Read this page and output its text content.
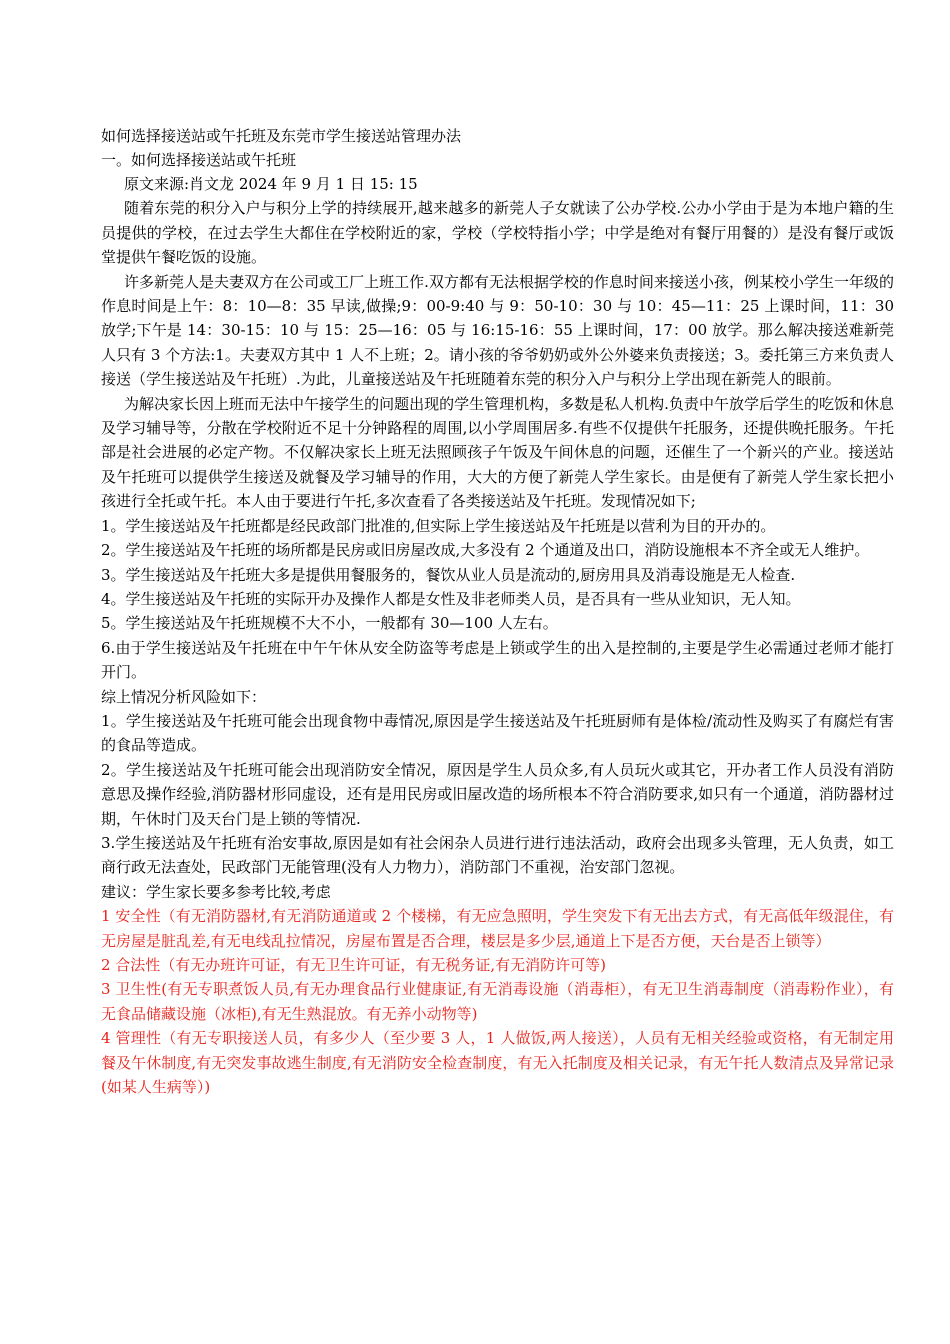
如何选择接送站或午托班及东莞市学生接送站管理办法

一。如何选择接送站或午托班

原文来源:肖文龙 2024 年 9 月 1 日 15: 15

随着东莞的积分入户与积分上学的持续展开,越来越多的新莞人子女就读了公办学校.公办小学由于是为本地户籍的生员提供的学校，在过去学生大都住在学校附近的家，学校（学校特指小学；中学是绝对有餐厅用餐的）是没有餐厅或饭堂提供午餐吃饭的设施。

许多新莞人是夫妻双方在公司或工厂上班工作.双方都有无法根据学校的作息时间来接送小孩，例某校小学生一年级的作息时间是上午：8：10—8：35 早读,做操;9：00-9:40 与 9：50-10：30 与 10：45—11：25 上课时间，11：30 放学;下午是 14：30-15：10 与 15：25—16：05 与 16:15-16：55 上课时间，17：00 放学。那么解决接送难新莞人只有 3 个方法:1。夫妻双方其中 1 人不上班；2。请小孩的爷爷奶奶或外公外婆来负责接送；3。委托第三方来负责人接送（学生接送站及午托班）.为此，儿童接送站及午托班随着东莞的积分入户与积分上学出现在新莞人的眼前。

为解决家长因上班而无法中午接学生的问题出现的学生管理机构，多数是私人机构.负责中午放学后学生的吃饭和休息及学习辅导等，分散在学校附近不足十分钟路程的周围,以小学周围居多.有些不仅提供午托服务，还提供晚托服务。午托部是社会进展的必定产物。不仅解决家长上班无法照顾孩子午饭及午间休息的问题，还催生了一个新兴的产业。接送站及午托班可以提供学生接送及就餐及学习辅导的作用，大大的方便了新莞人学生家长。由是便有了新莞人学生家长把小孩进行全托或午托。本人由于要进行午托,多次查看了各类接送站及午托班。发现情况如下;

1。学生接送站及午托班都是经民政部门批准的,但实际上学生接送站及午托班是以营利为目的开办的。

2。学生接送站及午托班的场所都是民房或旧房屋改成,大多没有 2 个通道及出口，消防设施根本不齐全或无人维护。

3。学生接送站及午托班大多是提供用餐服务的，餐饮从业人员是流动的,厨房用具及消毒设施是无人检查.

4。学生接送站及午托班的实际开办及操作人都是女性及非老师类人员，是否具有一些从业知识，无人知。

5。学生接送站及午托班规模不大不小，一般都有 30—100 人左右。

6.由于学生接送站及午托班在中午午休从安全防盗等考虑是上锁或学生的出入是控制的,主要是学生必需通过老师才能打开门。

综上情况分析风险如下：

1。学生接送站及午托班可能会出现食物中毒情况,原因是学生接送站及午托班厨师有是体检/流动性及购买了有腐烂有害的食品等造成。

2。学生接送站及午托班可能会出现消防安全情况，原因是学生人员众多,有人员玩火或其它，开办者工作人员没有消防意思及操作经验,消防器材形同虚设，还有是用民房或旧屋改造的场所根本不符合消防要求,如只有一个通道，消防器材过期，午休时门及天台门是上锁的等情况.

3.学生接送站及午托班有治安事故,原因是如有社会闲杂人员进行进行违法活动，政府会出现多头管理，无人负责，如工商行政无法查处，民政部门无能管理(没有人力物力），消防部门不重视，治安部门忽视。

建议：学生家长要多参考比较,考虑

1 安全性（有无消防器材,有无消防通道或 2 个楼梯，有无应急照明，学生突发下有无出去方式，有无高低年级混住，有无房屋是脏乱差,有无电线乱拉情况，房屋布置是否合理，楼层是多少层,通道上下是否方便，天台是否上锁等）

2 合法性（有无办班许可证，有无卫生许可证，有无税务证,有无消防许可等)

3 卫生性(有无专职煮饭人员,有无办理食品行业健康证,有无消毒设施（消毒柜），有无卫生消毒制度（消毒粉作业），有无食品储藏设施（冰柜),有无生熟混放。有无养小动物等)

4 管理性（有无专职接送人员，有多少人（至少要 3 人，1 人做饭,两人接送），人员有无相关经验或资格，有无制定用餐及午休制度,有无突发事故逃生制度,有无消防安全检查制度，有无入托制度及相关记录，有无午托人数清点及异常记录(如某人生病等）)
